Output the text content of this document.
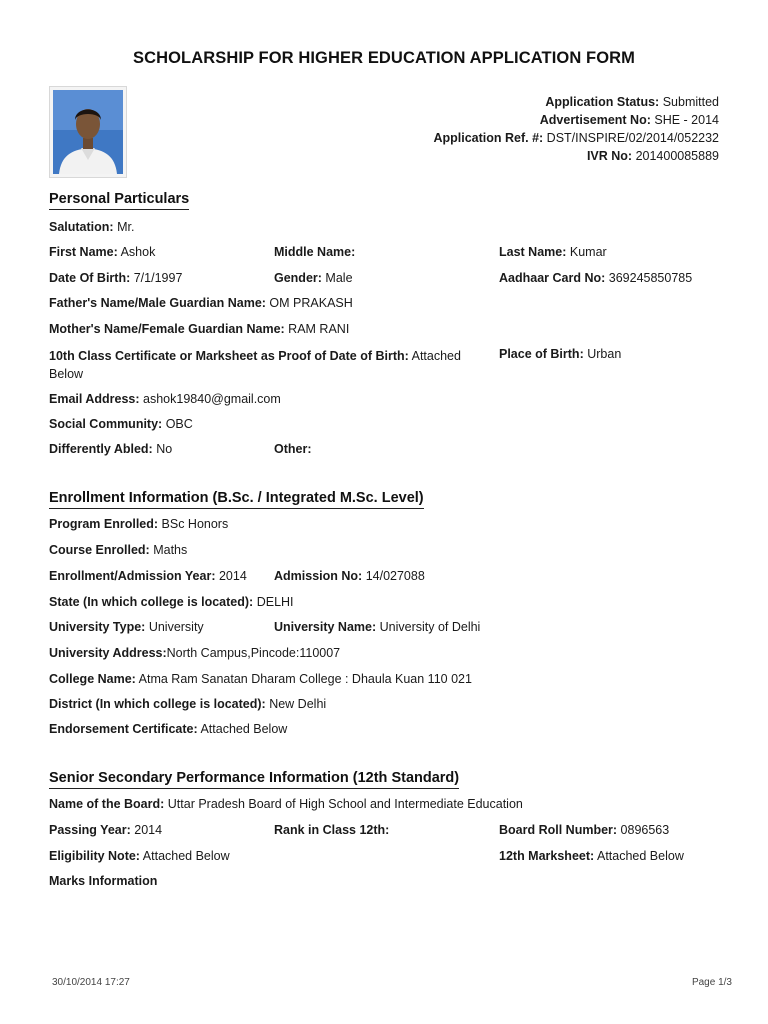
SCHOLARSHIP FOR HIGHER EDUCATION APPLICATION FORM
Application Status: Submitted
Advertisement No: SHE - 2014
Application Ref. #: DST/INSPIRE/02/2014/052232
IVR No: 201400085889
Personal Particulars
Salutation: Mr.
First Name: Ashok	Middle Name:	Last Name: Kumar
Date Of Birth: 7/1/1997	Gender: Male	Aadhaar Card No: 369245850785
Father's Name/Male Guardian Name: OM PRAKASH
Mother's Name/Female Guardian Name: RAM RANI
10th Class Certificate or Marksheet as Proof of Date of Birth: Attached Below
Place of Birth: Urban
Email Address: ashok19840@gmail.com
Social Community: OBC
Differently Abled: No	Other:
Enrollment Information (B.Sc. / Integrated M.Sc. Level)
Program Enrolled: BSc Honors
Course Enrolled: Maths
Enrollment/Admission Year: 2014 Admission No: 14/027088
State (In which college is located): DELHI
University Type: University	University Name: University of Delhi
University Address:North Campus,Pincode:110007
College Name: Atma Ram Sanatan Dharam College : Dhaula Kuan 110 021
District (In which college is located): New Delhi
Endorsement Certificate: Attached Below
Senior Secondary Performance Information (12th Standard)
Name of the Board: Uttar Pradesh Board of High School and Intermediate Education
Passing Year: 2014	Rank in Class 12th:	Board Roll Number: 0896563
Eligibility Note: Attached Below	12th Marksheet: Attached Below
Marks Information
30/10/2014 17:27	Page 1/3
